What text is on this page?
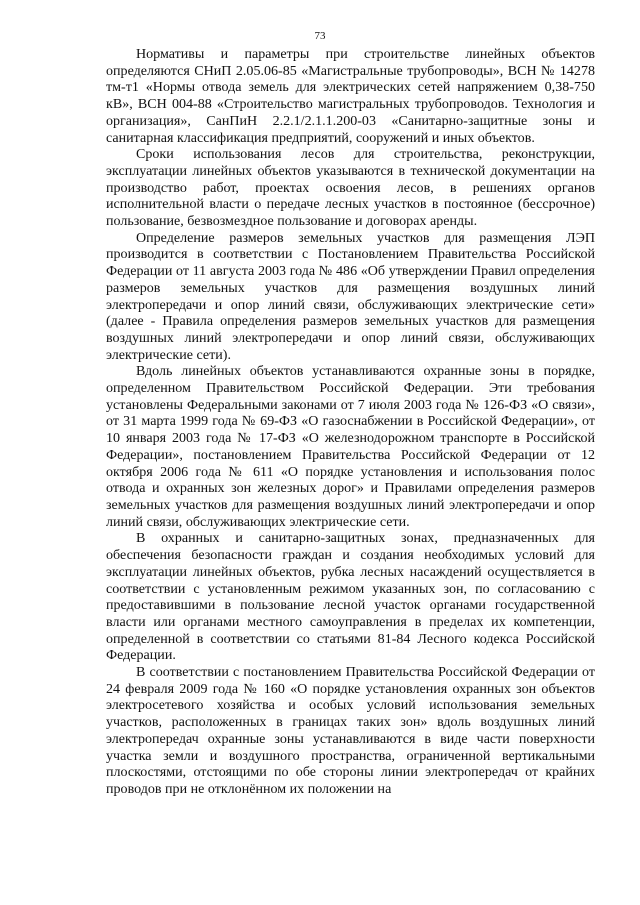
73

Нормативы и параметры при строительстве линейных объектов определяются СНиП 2.05.06-85 «Магистральные трубопроводы», ВСН № 14278 тм-т1 «Нормы отвода земель для электрических сетей напряжением 0,38-750 кВ», ВСН 004-88 «Строительство магистральных трубопроводов. Технология и организация», СанПиН 2.2.1/2.1.1.200-03 «Санитарно-защитные зоны и санитарная классификация предприятий, сооружений и иных объектов.

Сроки использования лесов для строительства, реконструкции, эксплуатации линейных объектов указываются в технической документации на производство работ, проектах освоения лесов, в решениях органов исполнительной власти о передаче лесных участков в постоянное (бессрочное) пользование, безвозмездное пользование и договорах аренды.

Определение размеров земельных участков для размещения ЛЭП производится в соответствии с Постановлением Правительства Российской Федерации от 11 августа 2003 года № 486 «Об утверждении Правил определения размеров земельных участков для размещения воздушных линий электропередачи и опор линий связи, обслуживающих электрические сети» (далее - Правила определения размеров земельных участков для размещения воздушных линий электропередачи и опор линий связи, обслуживающих электрические сети).

Вдоль линейных объектов устанавливаются охранные зоны в порядке, определенном Правительством Российской Федерации. Эти требования установлены Федеральными законами от 7 июля 2003 года № 126-ФЗ «О связи», от 31 марта 1999 года № 69-ФЗ «О газоснабжении в Российской Федерации», от 10 января 2003 года № 17-ФЗ «О железнодорожном транспорте в Российской Федерации», постановлением Правительства Российской Федерации от 12 октября 2006 года № 611 «О порядке установления и использования полос отвода и охранных зон железных дорог» и Правилами определения размеров земельных участков для размещения воздушных линий электропередачи и опор линий связи, обслуживающих электрические сети.

В охранных и санитарно-защитных зонах, предназначенных для обеспечения безопасности граждан и создания необходимых условий для эксплуатации линейных объектов, рубка лесных насаждений осуществляется в соответствии с установленным режимом указанных зон, по согласованию с предоставившими в пользование лесной участок органами государственной власти или органами местного самоуправления в пределах их компетенции, определенной в соответствии со статьями 81-84 Лесного кодекса Российской Федерации.

В соответствии с постановлением Правительства Российской Федерации от 24 февраля 2009 года № 160 «О порядке установления охранных зон объектов электросетевого хозяйства и особых условий использования земельных участков, расположенных в границах таких зон» вдоль воздушных линий электропередач охранные зоны устанавливаются в виде части поверхности участка земли и воздушного пространства, ограниченной вертикальными плоскостями, отстоящими по обе стороны линии электропередач от крайних проводов при не отклонённом их положении на
